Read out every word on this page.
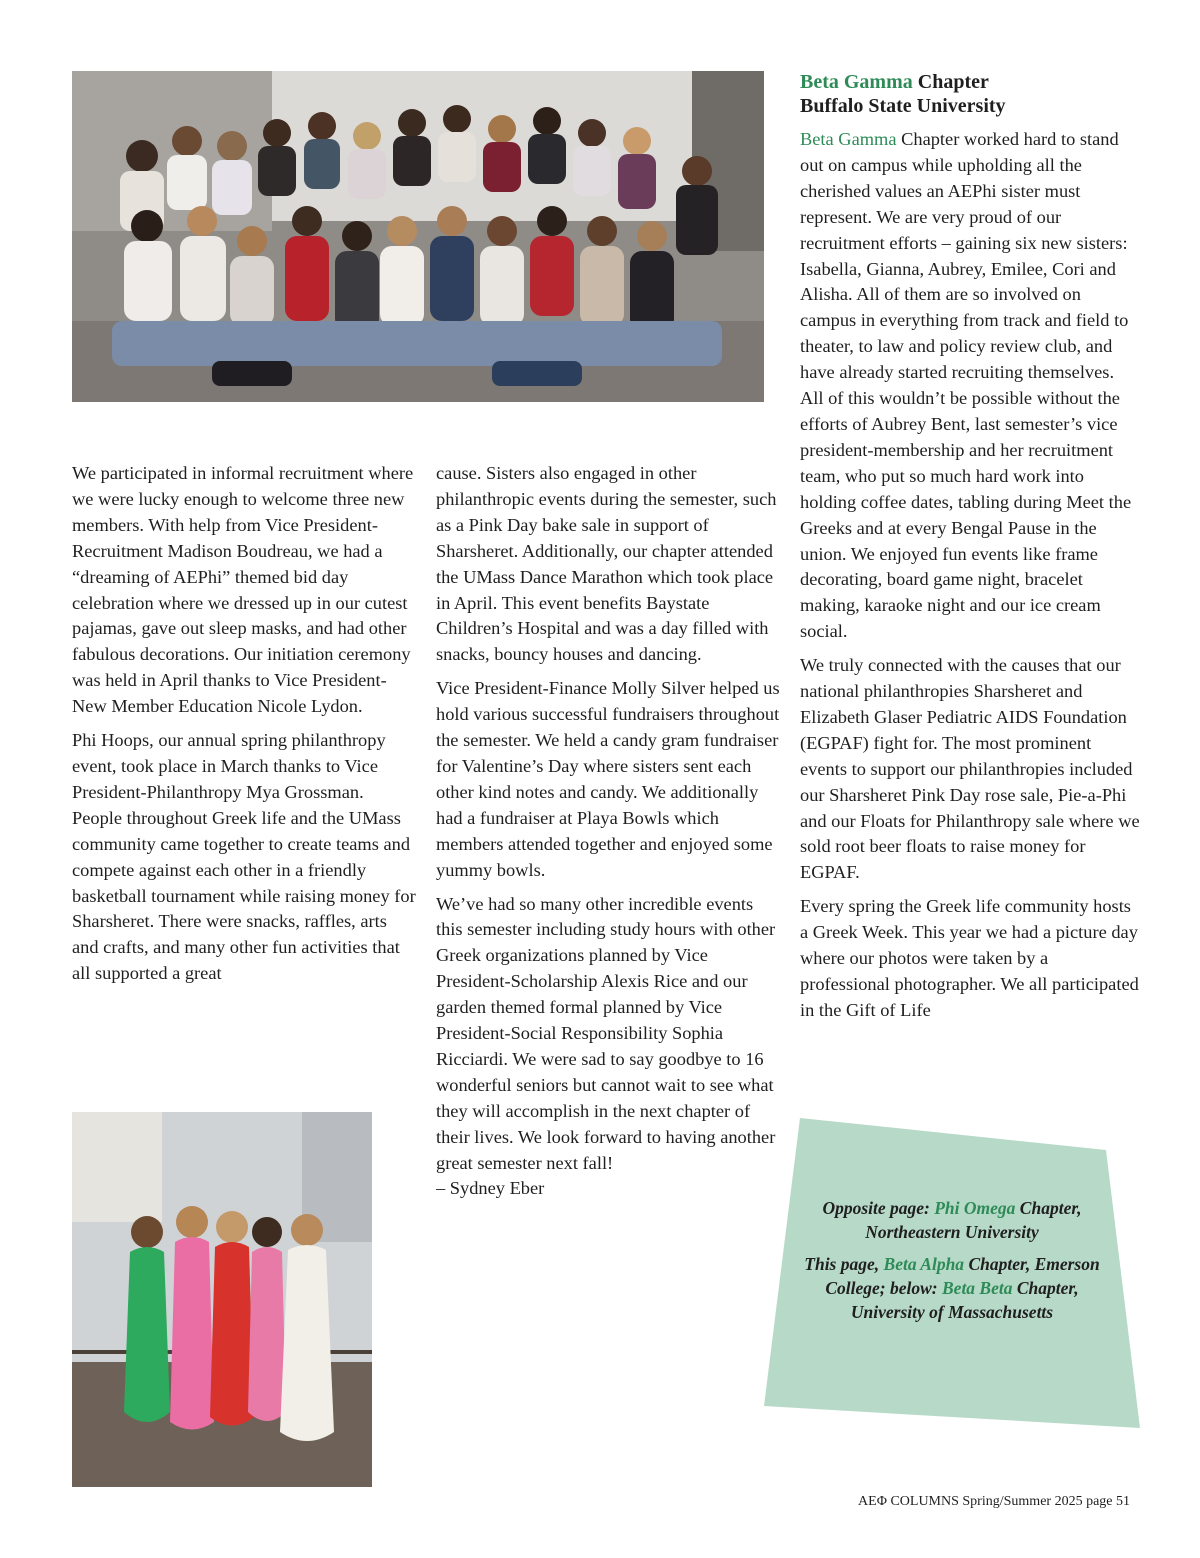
Beta Gamma Chapter
Buffalo State University

Beta Gamma Chapter worked hard to stand out on campus while upholding all the cherished values an AEPhi sister must represent. We are very proud of our recruitment efforts – gaining six new sisters: Isabella, Gianna, Aubrey, Emilee, Cori and Alisha. All of them are so involved on campus in everything from track and field to theater, to law and policy review club, and have already started recruiting themselves. All of this wouldn’t be possible without the efforts of Aubrey Bent, last semester’s vice president-membership and her recruitment team, who put so much hard work into holding coffee dates, tabling during Meet the Greeks and at every Bengal Pause in the union. We enjoyed fun events like frame decorating, board game night, bracelet making, karaoke night and our ice cream social.

We truly connected with the causes that our national philanthropies Sharsheret and Elizabeth Glaser Pediatric AIDS Foundation (EGPAF) fight for. The most prominent events to support our philanthropies included our Sharsheret Pink Day rose sale, Pie-a-Phi and our Floats for Philanthropy sale where we sold root beer floats to raise money for EGPAF.

Every spring the Greek life community hosts a Greek Week. This year we had a picture day where our photos were taken by a professional photographer. We all participated in the Gift of Life

We participated in informal recruitment where we were lucky enough to welcome three new members. With help from Vice President-Recruitment Madison Boudreau, we had a “dreaming of AEPhi” themed bid day celebration where we dressed up in our cutest pajamas, gave out sleep masks, and had other fabulous decorations. Our initiation ceremony was held in April thanks to Vice President-New Member Education Nicole Lydon.

Phi Hoops, our annual spring philanthropy event, took place in March thanks to Vice President-Philanthropy Mya Grossman. People throughout Greek life and the UMass community came together to create teams and compete against each other in a friendly basketball tournament while raising money for Sharsheret. There were snacks, raffles, arts and crafts, and many other fun activities that all supported a great

cause. Sisters also engaged in other philanthropic events during the semester, such as a Pink Day bake sale in support of Sharsheret. Additionally, our chapter attended the UMass Dance Marathon which took place in April. This event benefits Baystate Children’s Hospital and was a day filled with snacks, bouncy houses and dancing.

Vice President-Finance Molly Silver helped us hold various successful fundraisers throughout the semester. We held a candy gram fundraiser for Valentine’s Day where sisters sent each other kind notes and candy. We additionally had a fundraiser at Playa Bowls which members attended together and enjoyed some yummy bowls.

We’ve had so many other incredible events this semester including study hours with other Greek organizations planned by Vice President-Scholarship Alexis Rice and our garden themed formal planned by Vice President-Social Responsibility Sophia Ricciardi. We were sad to say goodbye to 16 wonderful seniors but cannot wait to see what they will accomplish in the next chapter of their lives. We look forward to having another great semester next fall!
– Sydney Eber

Opposite page: Phi Omega Chapter, Northeastern University

This page, Beta Alpha Chapter, Emerson College; below: Beta Beta Chapter, University of Massachusetts

AEΦ COLUMNS Spring/Summer 2025 page 51
